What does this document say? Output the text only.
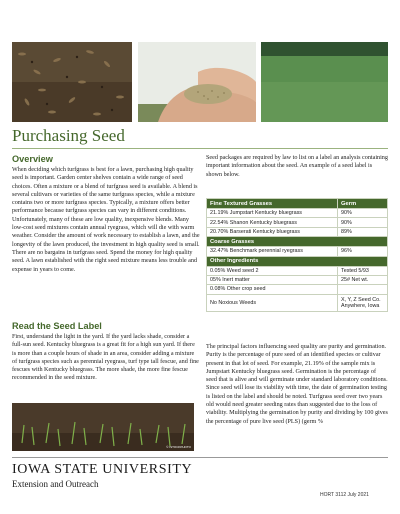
Purchasing Seed
Overview
When deciding which turfgrass is best for a lawn, purchasing high quality seed is important. Garden center shelves contain a wide range of seed choices. Often a mixture or a blend of turfgrass seed is available. A blend is several cultivars or varieties of the same turfgrass species, while a mixture contains two or more turfgrass species. Typically, a mixture offers better performance because turfgrass species can vary in different conditions. Unfortunately, many of these are low quality, inexpensive blends. Many low-cost seed mixtures contain annual ryegrass, which will die with warm weather. Consider the amount of work necessary to establish a lawn, and the longevity of the lawn produced, the investment in high quality seed is small. There are no bargains in turfgrass seed. Spend the money for high quality seed. A lawn established with the right seed mixture means less trouble and expense in years to come.
Read the Seed Label
First, understand the light in the yard. If the yard lacks shade, consider a full-sun seed. Kentucky bluegrass is a great fit for a high sun yard. If there is more than a couple hours of shade in an area, consider adding a mixture of turfgrass species such as perennial ryegrass, turf type tall fescue, and fine fescues with Kentucky bluegrass. The more shade, the more fine fescue recommended in the seed mixture.
© ISTOCKPHOTO
Seed packages are required by law to list on a label an analysis containing important information about the seed. An example of a seed label is shown below.
Fine Textured Grasses	Germ
21.19% Jumpstart Kentucky bluegrass	90%
22.54% Shanon Kentucky bluegrass	90%
20.70% Barserati Kentucky bluegrass	89%
Coarse Grasses	
32.47% Benchmark perennial ryegrass	96%
Other Ingredients	
0.05% Weed seed 2	Tested 5/93
05% Inert matter	25# Net wt.
0.08% Other crop seed	
No Noxious Weeds	X, Y, Z Seed Co. Anywhere, Iowa
The principal factors influencing seed quality are purity and germination. Purity is the percentage of pure seed of an identified species or cultivar present in that lot of seed. For example, 21.19% of the sample mix is Jumpstart Kentucky bluegrass seed. Germination is the percentage of seed that is alive and will germinate under standard laboratory conditions. Since seed will lose its viability with time, the date of germination testing is listed on the label and should be noted. Turfgrass seed over two years old would need greater seeding rates than suggested due to the loss of viability. Multiplying the germination by purity and dividing by 100 gives the percentage of pure live seed (PLS) (germ %
IOWA STATE UNIVERSITY
Extension and Outreach
HORT 3112 July 2021
